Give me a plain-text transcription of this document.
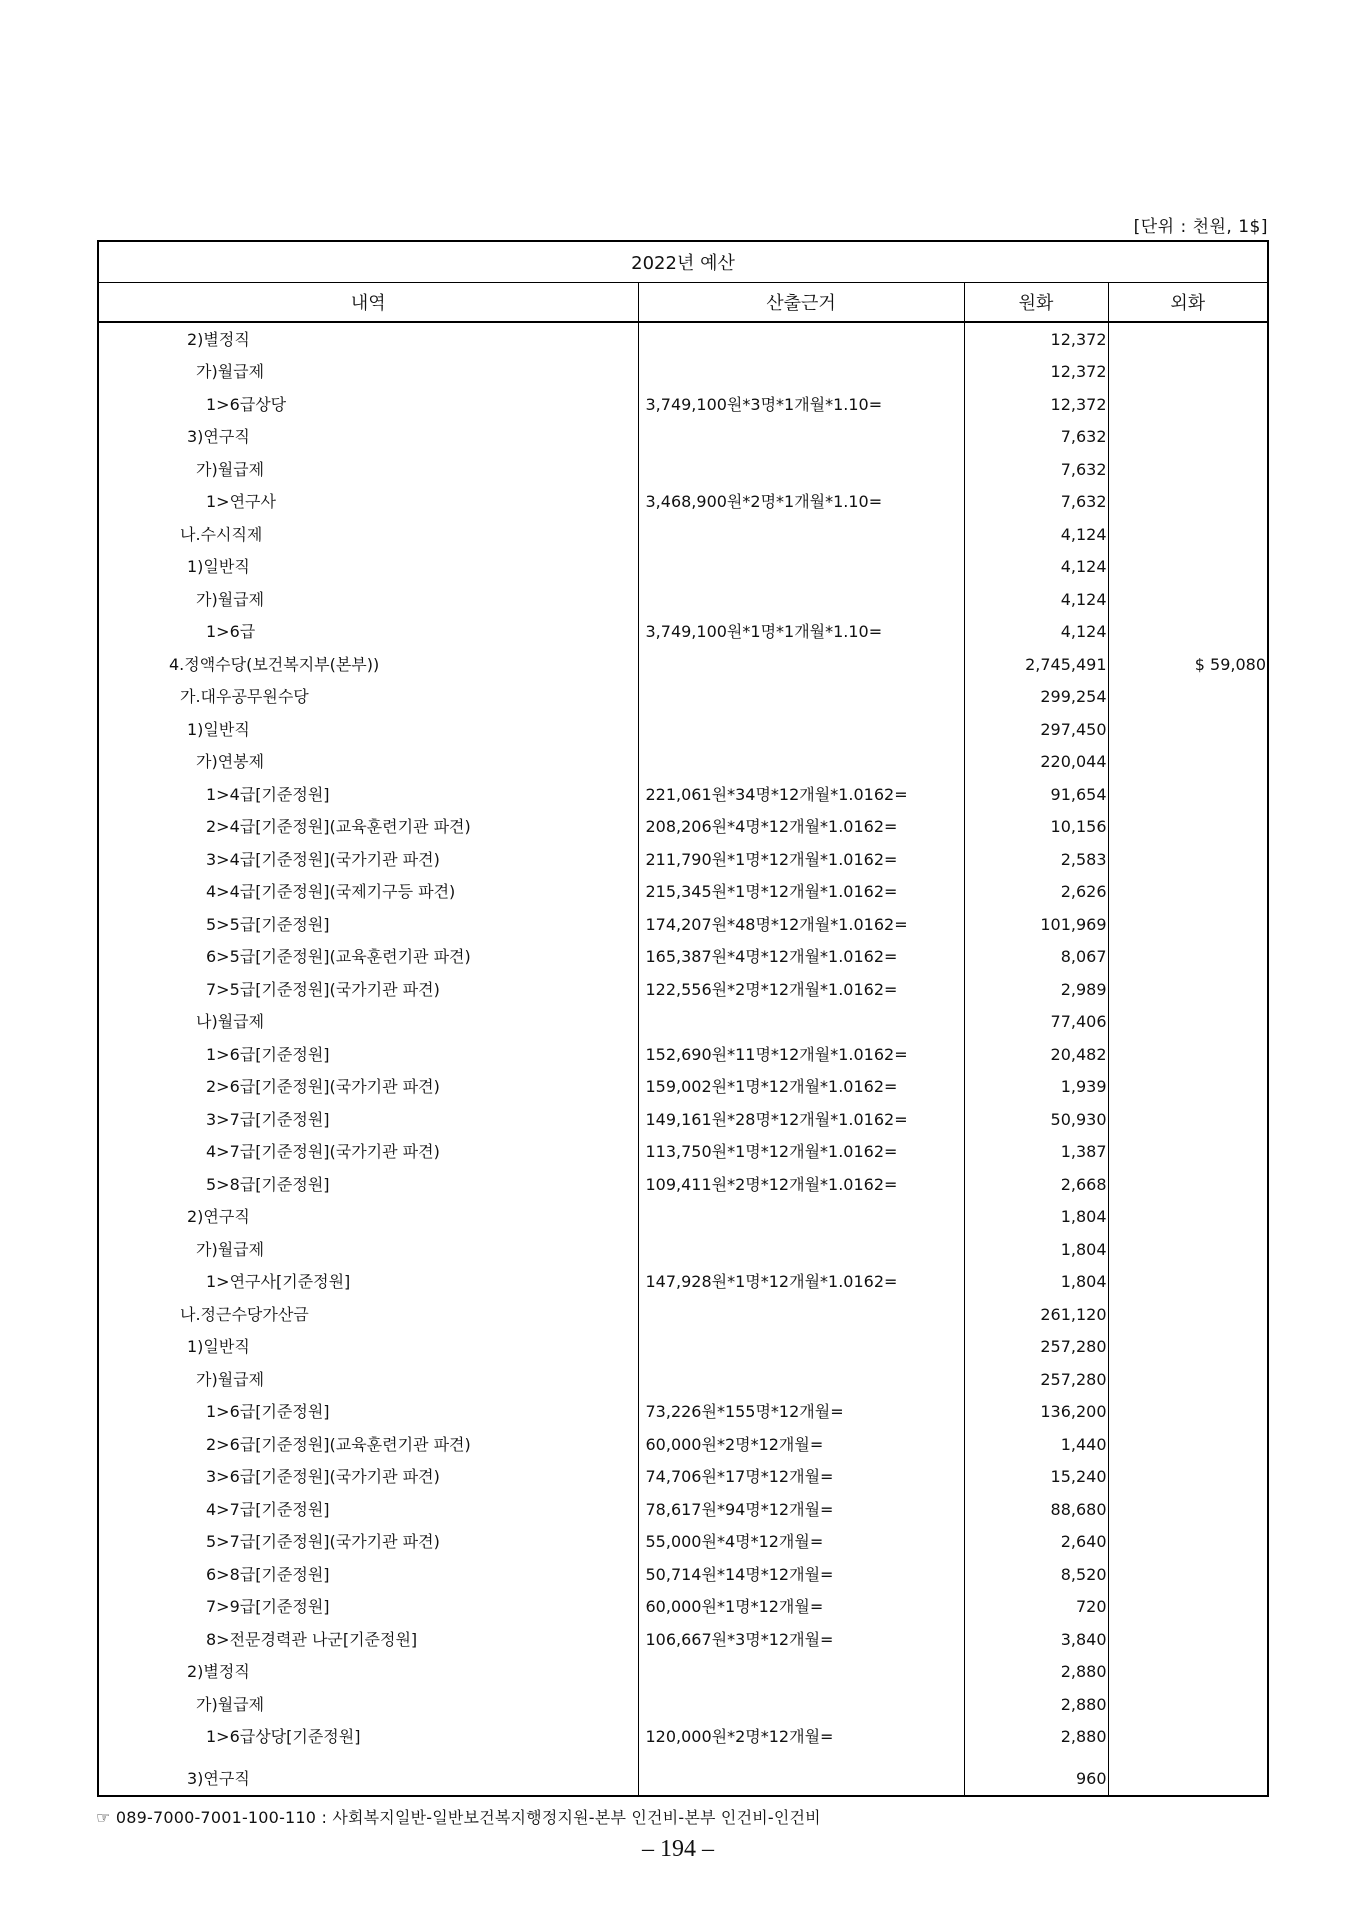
[단위 : 천원, 1$]
2022년 예산			
내역	산출근거	원화	외화
2)별정직		12,372	
가)월급제		12,372	
1>6급상당	3,749,100원*3명*1개월*1.10=	12,372	
3)연구직		7,632	
가)월급제		7,632	
1>연구사	3,468,900원*2명*1개월*1.10=	7,632	
나.수시직제		4,124	
1)일반직		4,124	
가)월급제		4,124	
1>6급	3,749,100원*1명*1개월*1.10=	4,124	
4.정액수당(보건복지부(본부))		2,745,491	$ 59,080
가.대우공무원수당		299,254	
1)일반직		297,450	
가)연봉제		220,044	
1>4급[기준정원]	221,061원*34명*12개월*1.0162=	91,654	
2>4급[기준정원](교육훈련기관 파견)	208,206원*4명*12개월*1.0162=	10,156	
3>4급[기준정원](국가기관 파견)	211,790원*1명*12개월*1.0162=	2,583	
4>4급[기준정원](국제기구등 파견)	215,345원*1명*12개월*1.0162=	2,626	
5>5급[기준정원]	174,207원*48명*12개월*1.0162=	101,969	
6>5급[기준정원](교육훈련기관 파견)	165,387원*4명*12개월*1.0162=	8,067	
7>5급[기준정원](국가기관 파견)	122,556원*2명*12개월*1.0162=	2,989	
나)월급제		77,406	
1>6급[기준정원]	152,690원*11명*12개월*1.0162=	20,482	
2>6급[기준정원](국가기관 파견)	159,002원*1명*12개월*1.0162=	1,939	
3>7급[기준정원]	149,161원*28명*12개월*1.0162=	50,930	
4>7급[기준정원](국가기관 파견)	113,750원*1명*12개월*1.0162=	1,387	
5>8급[기준정원]	109,411원*2명*12개월*1.0162=	2,668	
2)연구직		1,804	
가)월급제		1,804	
1>연구사[기준정원]	147,928원*1명*12개월*1.0162=	1,804	
나.정근수당가산금		261,120	
1)일반직		257,280	
가)월급제		257,280	
1>6급[기준정원]	73,226원*155명*12개월=	136,200	
2>6급[기준정원](교육훈련기관 파견)	60,000원*2명*12개월=	1,440	
3>6급[기준정원](국가기관 파견)	74,706원*17명*12개월=	15,240	
4>7급[기준정원]	78,617원*94명*12개월=	88,680	
5>7급[기준정원](국가기관 파견)	55,000원*4명*12개월=	2,640	
6>8급[기준정원]	50,714원*14명*12개월=	8,520	
7>9급[기준정원]	60,000원*1명*12개월=	720	
8>전문경력관 나군[기준정원]	106,667원*3명*12개월=	3,840	
2)별정직		2,880	
가)월급제		2,880	
1>6급상당[기준정원]	120,000원*2명*12개월=	2,880	
3)연구직		960	
☞ 089-7000-7001-100-110 : 사회복지일반-일반보건복지행정지원-본부 인건비-본부 인건비-인건비
– 194 –
